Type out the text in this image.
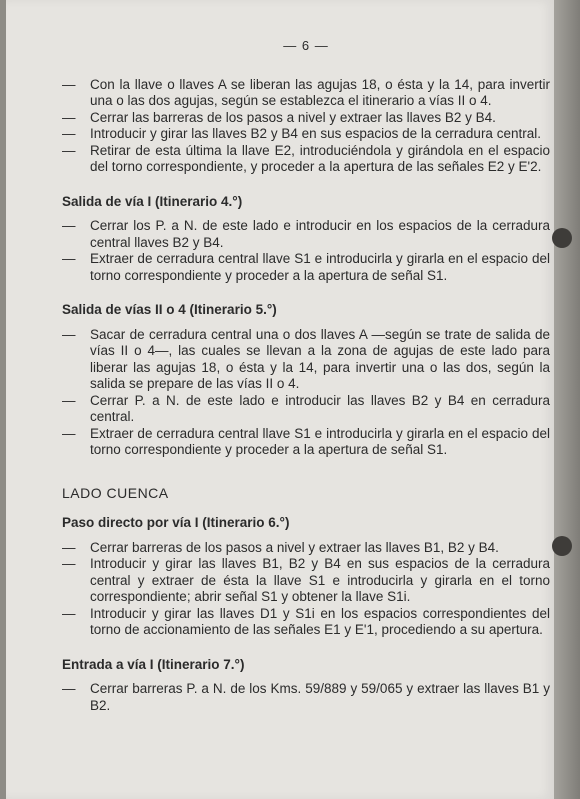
— 6 —

— Con la llave o llaves A se liberan las agujas 18, o ésta y la 14, para invertir una o las dos agujas, según se establezca el itinerario a vías II o 4.

— Cerrar las barreras de los pasos a nivel y extraer las llaves B2 y B4.

— Introducir y girar las llaves B2 y B4 en sus espacios de la cerradura central.

— Retirar de esta última la llave E2, introduciéndola y girándola en el espacio del torno correspondiente, y proceder a la apertura de las señales E2 y E'2.

Salida de vía I (Itinerario 4.°)

— Cerrar los P. a N. de este lado e introducir en los espacios de la cerradura central llaves B2 y B4.

— Extraer de cerradura central llave S1 e introducirla y girarla en el espacio del torno correspondiente y proceder a la apertura de señal S1.

Salida de vías II o 4 (Itinerario 5.°)

— Sacar de cerradura central una o dos llaves A —según se trate de salida de vías II o 4—, las cuales se llevan a la zona de agujas de este lado para liberar las agujas 18, o ésta y la 14, para invertir una o las dos, según la salida se prepare de las vías II o 4.

— Cerrar P. a N. de este lado e introducir las llaves B2 y B4 en cerradura central.

— Extraer de cerradura central llave S1 e introducirla y girarla en el espacio del torno correspondiente y proceder a la apertura de señal S1.

LADO CUENCA

Paso directo por vía I (Itinerario 6.°)

— Cerrar barreras de los pasos a nivel y extraer las llaves B1, B2 y B4.

— Introducir y girar las llaves B1, B2 y B4 en sus espacios de la cerradura central y extraer de ésta la llave S1 e introducirla y girarla en el torno correspondiente; abrir señal S1 y obtener la llave S1i.

— Introducir y girar las llaves D1 y S1i en los espacios correspondientes del torno de accionamiento de las señales E1 y E'1, procediendo a su apertura.

Entrada a vía I (Itinerario 7.°)

— Cerrar barreras P. a N. de los Kms. 59/889 y 59/065 y extraer las llaves B1 y B2.
